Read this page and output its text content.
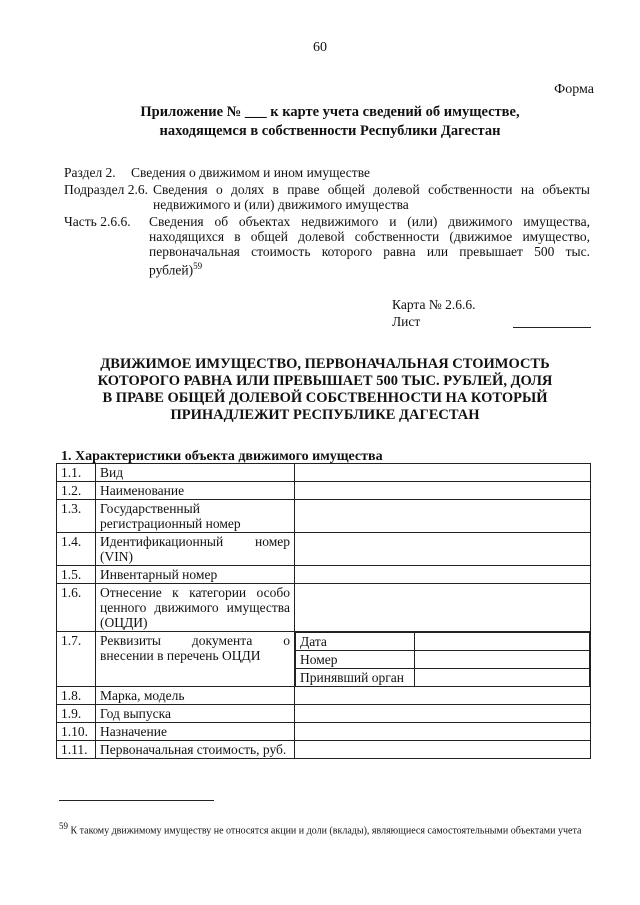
60
Форма
Приложение № ___ к карте учета сведений об имуществе,
находящемся в собственности Республики Дагестан
Раздел 2. Сведения о движимом и ином имуществе
Подраздел 2.6. Сведения о долях в праве общей долевой собственности на объекты недвижимого и (или) движимого имущества
Часть 2.6.6. Сведения об объектах недвижимого и (или) движимого имущества, находящихся в общей долевой собственности (движимое имущество, первоначальная стоимость которого равна или превышает 500 тыс. рублей)$^{59}$
Карта № 2.6.6.
Лист
ДВИЖИМОЕ ИМУЩЕСТВО, ПЕРВОНАЧАЛЬНАЯ СТОИМОСТЬ
КОТОРОГО РАВНА ИЛИ ПРЕВЫШАЕТ 500 ТЫС. РУБЛЕЙ, ДОЛЯ
В ПРАВЕ ОБЩЕЙ ДОЛЕВОЙ СОБСТВЕННОСТИ НА КОТОРЫЙ
ПРИНАДЛЕЖИТ РЕСПУБЛИКЕ ДАГЕСТАН
1. Характеристики объекта движимого имущества
1.1.	Вид	
1.2.	Наименование	
1.3.	Государственный регистрационный номер	
1.4.	Идентификационный номер (VIN)	
1.5.	Инвентарный номер	
1.6.	Отнесение к категории особо ценного движимого имущества (ОЦДИ)	
1.7.	Реквизиты документа о внесении в перечень ОЦДИ	
Дата	
Номер	
Принявший орган	

1.8.	Марка, модель	
1.9.	Год выпуска	
1.10.	Назначение	
1.11.	Первоначальная стоимость, руб.	
$^{59}$ К такому движимому имуществу не относятся акции и доли (вклады), являющиеся самостоятельными объектами учета
